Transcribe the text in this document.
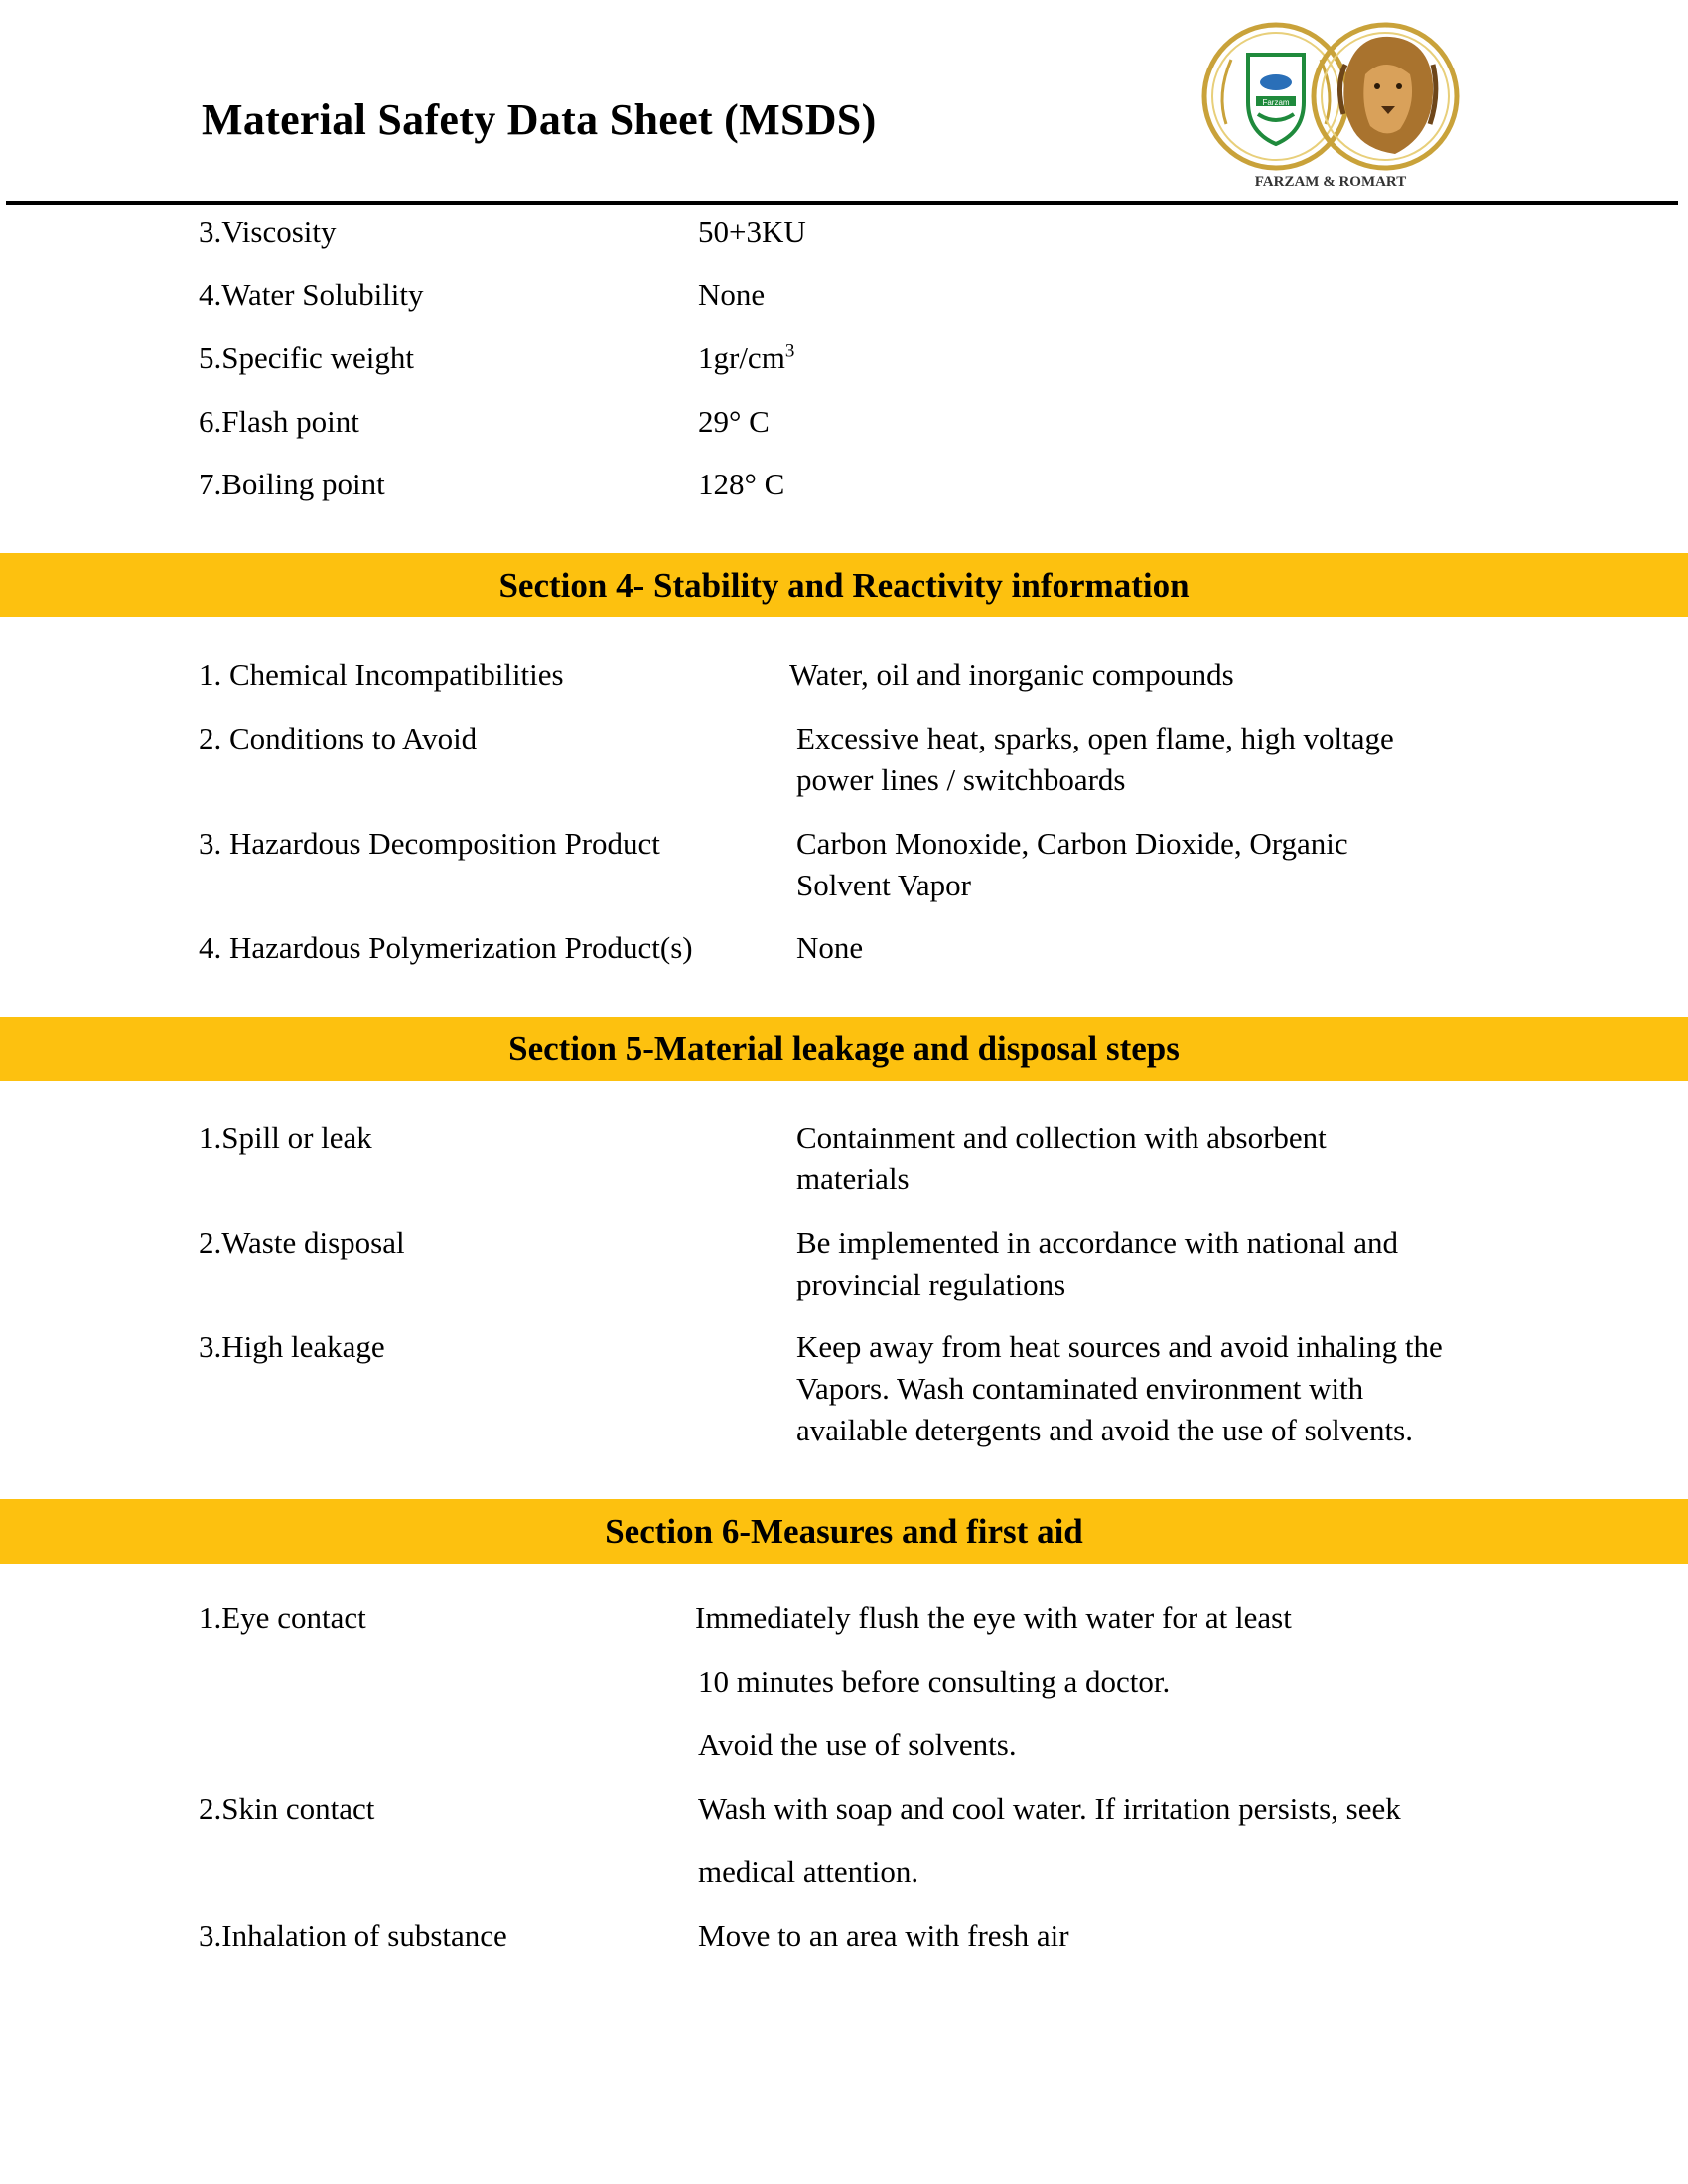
Material Safety Data Sheet (MSDS)	Farzam
FARZAM & ROMART
3.Viscosity	50+3KU
4.Water Solubility	None
5.Specific weight	$1gr/cm^3$
6.Flash point	29° C
7.Boiling point	128° C
Section 4- Stability and Reactivity information
1. Chemical Incompatibilities	Water, oil and inorganic compounds
2. Conditions to Avoid	Excessive heat, sparks, open flame, high voltage
power lines / switchboards
3. Hazardous Decomposition Product	Carbon Monoxide, Carbon Dioxide, Organic
Solvent Vapor
4. Hazardous Polymerization Product(s)	None
Section 5-Material leakage and disposal steps
1.Spill or leak	Containment and collection with absorbent
materials
2.Waste disposal	Be implemented in accordance with national and
provincial regulations
3.High leakage	Keep away from heat sources and avoid inhaling the
Vapors. Wash contaminated environment with
available detergents and avoid the use of solvents.
Section 6-Measures and first aid
1.Eye contact	Immediately flush the eye with water for at least
10 minutes before consulting a doctor.
Avoid the use of solvents.
2.Skin contact	Wash with soap and cool water. If irritation persists, seek
medical attention.
3.Inhalation of substance	Move to an area with fresh air
